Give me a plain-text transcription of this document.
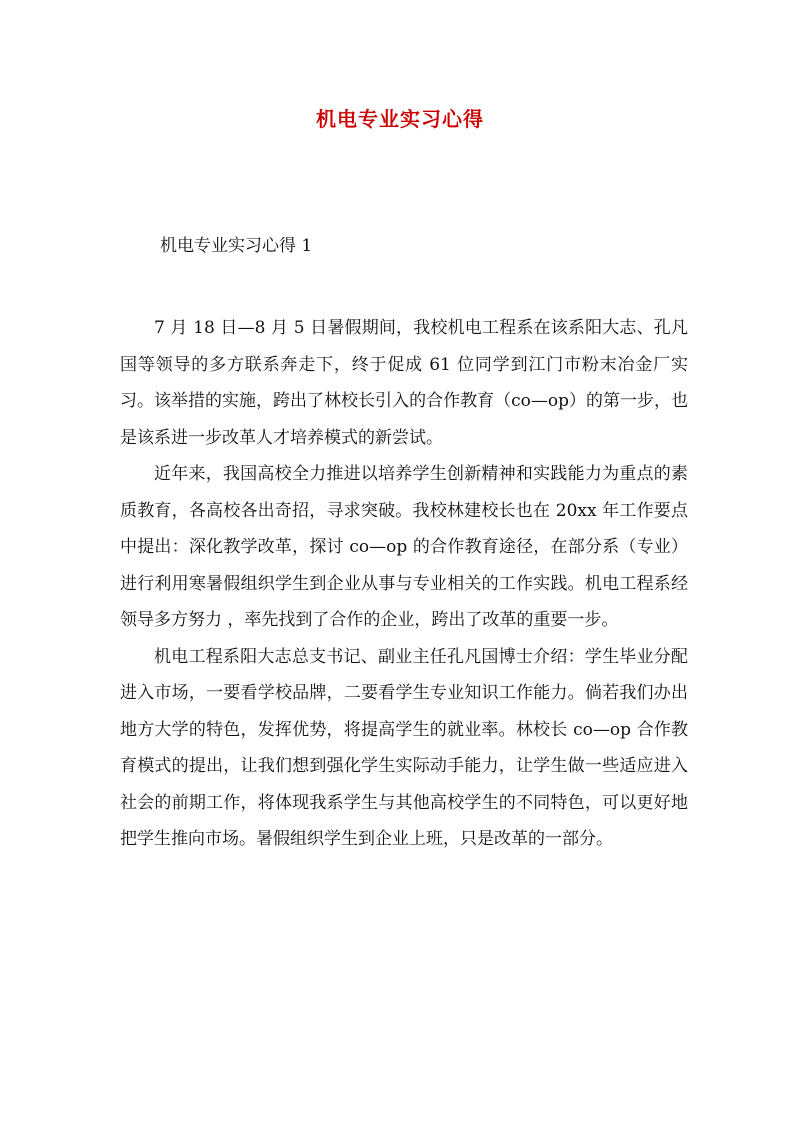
机电专业实习心得

机电专业实习心得 1

7 月 18 日—8 月 5 日暑假期间，我校机电工程系在该系阳大志、孔凡国等领导的多方联系奔走下，终于促成 61 位同学到江门市粉末冶金厂实习。该举措的实施，跨出了林校长引入的合作教育（co—op）的第一步，也是该系进一步改革人才培养模式的新尝试。

近年来，我国高校全力推进以培养学生创新精神和实践能力为重点的素质教育，各高校各出奇招，寻求突破。我校林建校长也在 20xx 年工作要点中提出：深化教学改革，探讨 co—op 的合作教育途径，在部分系（专业）进行利用寒暑假组织学生到企业从事与专业相关的工作实践。机电工程系经领导多方努力 ，率先找到了合作的企业，跨出了改革的重要一步。

机电工程系阳大志总支书记、副业主任孔凡国博士介绍：学生毕业分配进入市场，一要看学校品牌，二要看学生专业知识工作能力。倘若我们办出地方大学的特色，发挥优势，将提高学生的就业率。林校长 co—op 合作教育模式的提出，让我们想到强化学生实际动手能力，让学生做一些适应进入社会的前期工作，将体现我系学生与其他高校学生的不同特色，可以更好地把学生推向市场。暑假组织学生到企业上班，只是改革的一部分。
